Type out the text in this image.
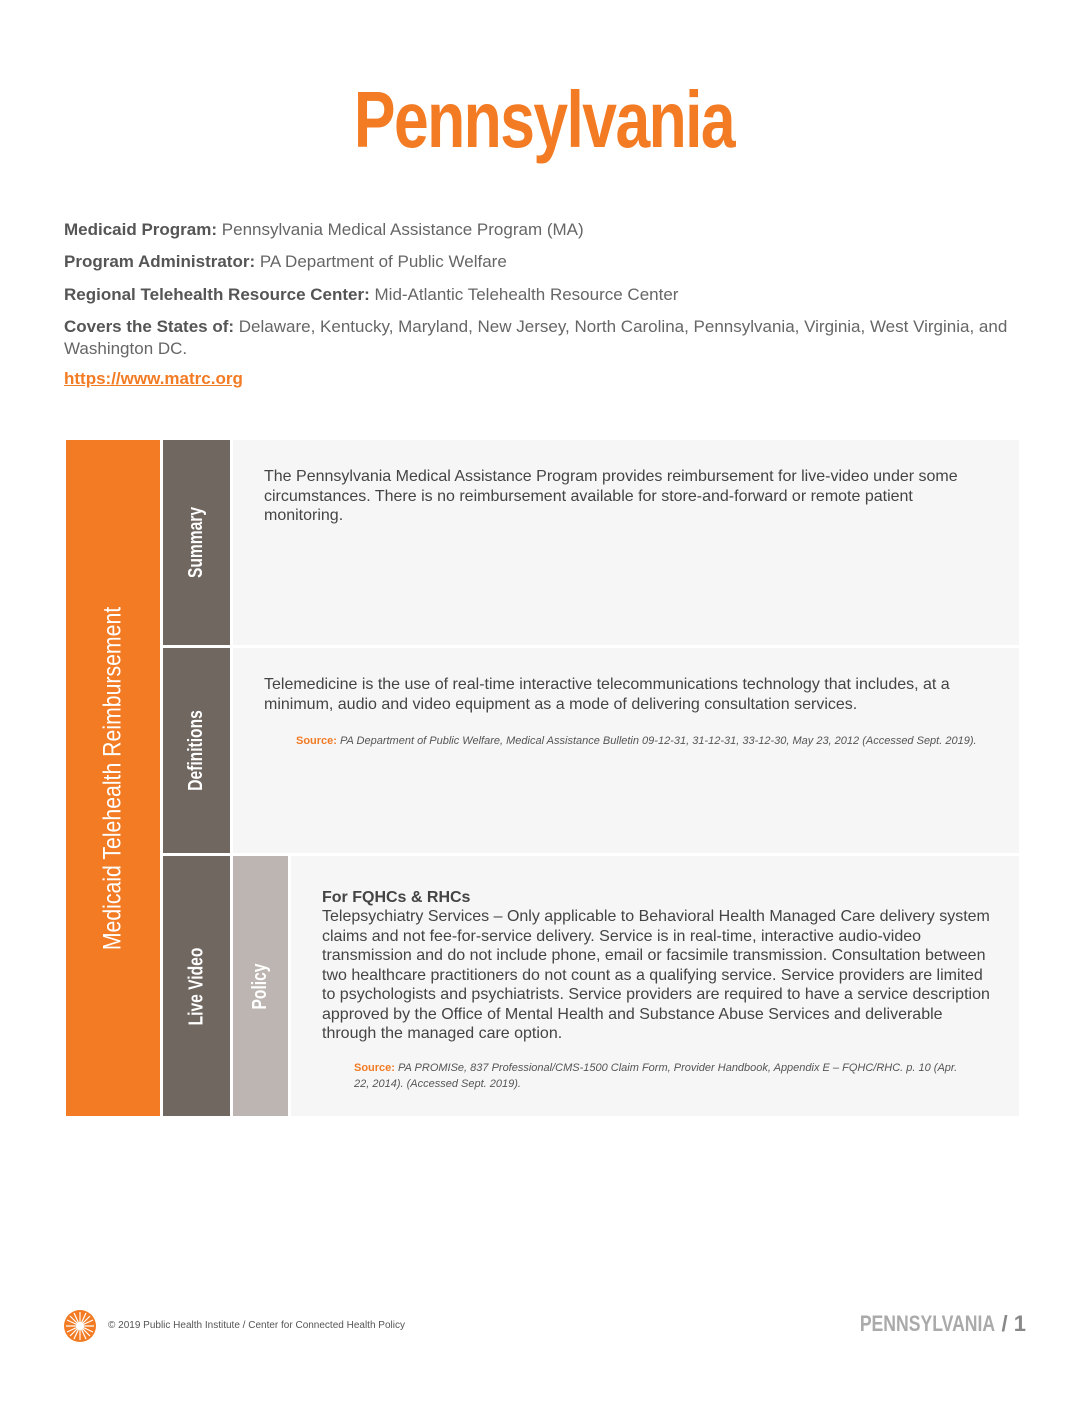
Pennsylvania
Medicaid Program: Pennsylvania Medical Assistance Program (MA)
Program Administrator: PA Department of Public Welfare
Regional Telehealth Resource Center: Mid-Atlantic Telehealth Resource Center
Covers the States of: Delaware, Kentucky, Maryland, New Jersey, North Carolina, Pennsylvania, Virginia, West Virginia, and Washington DC.
https://www.matrc.org
Medicaid Telehealth Reimbursement
Summary
The Pennsylvania Medical Assistance Program provides reimbursement for live-video under some circumstances. There is no reimbursement available for store-and-forward or remote patient monitoring.
Definitions
Telemedicine is the use of real-time interactive telecommunications technology that includes, at a minimum, audio and video equipment as a mode of delivering consultation services.
Source: PA Department of Public Welfare, Medical Assistance Bulletin 09-12-31, 31-12-31, 33-12-30, May 23, 2012 (Accessed Sept. 2019).
Live Video Policy
For FQHCs & RHCs
Telepsychiatry Services – Only applicable to Behavioral Health Managed Care delivery system claims and not fee-for-service delivery. Service is in real-time, interactive audio-video transmission and do not include phone, email or facsimile transmission. Consultation between two healthcare practitioners do not count as a qualifying service. Service providers are limited to psychologists and psychiatrists. Service providers are required to have a service description approved by the Office of Mental Health and Substance Abuse Services and deliverable through the managed care option.
Source: PA PROMISe, 837 Professional/CMS-1500 Claim Form, Provider Handbook, Appendix E – FQHC/RHC. p. 10 (Apr. 22, 2014). (Accessed Sept. 2019).
© 2019 Public Health Institute / Center for Connected Health Policy	PENNSYLVANIA / 1
